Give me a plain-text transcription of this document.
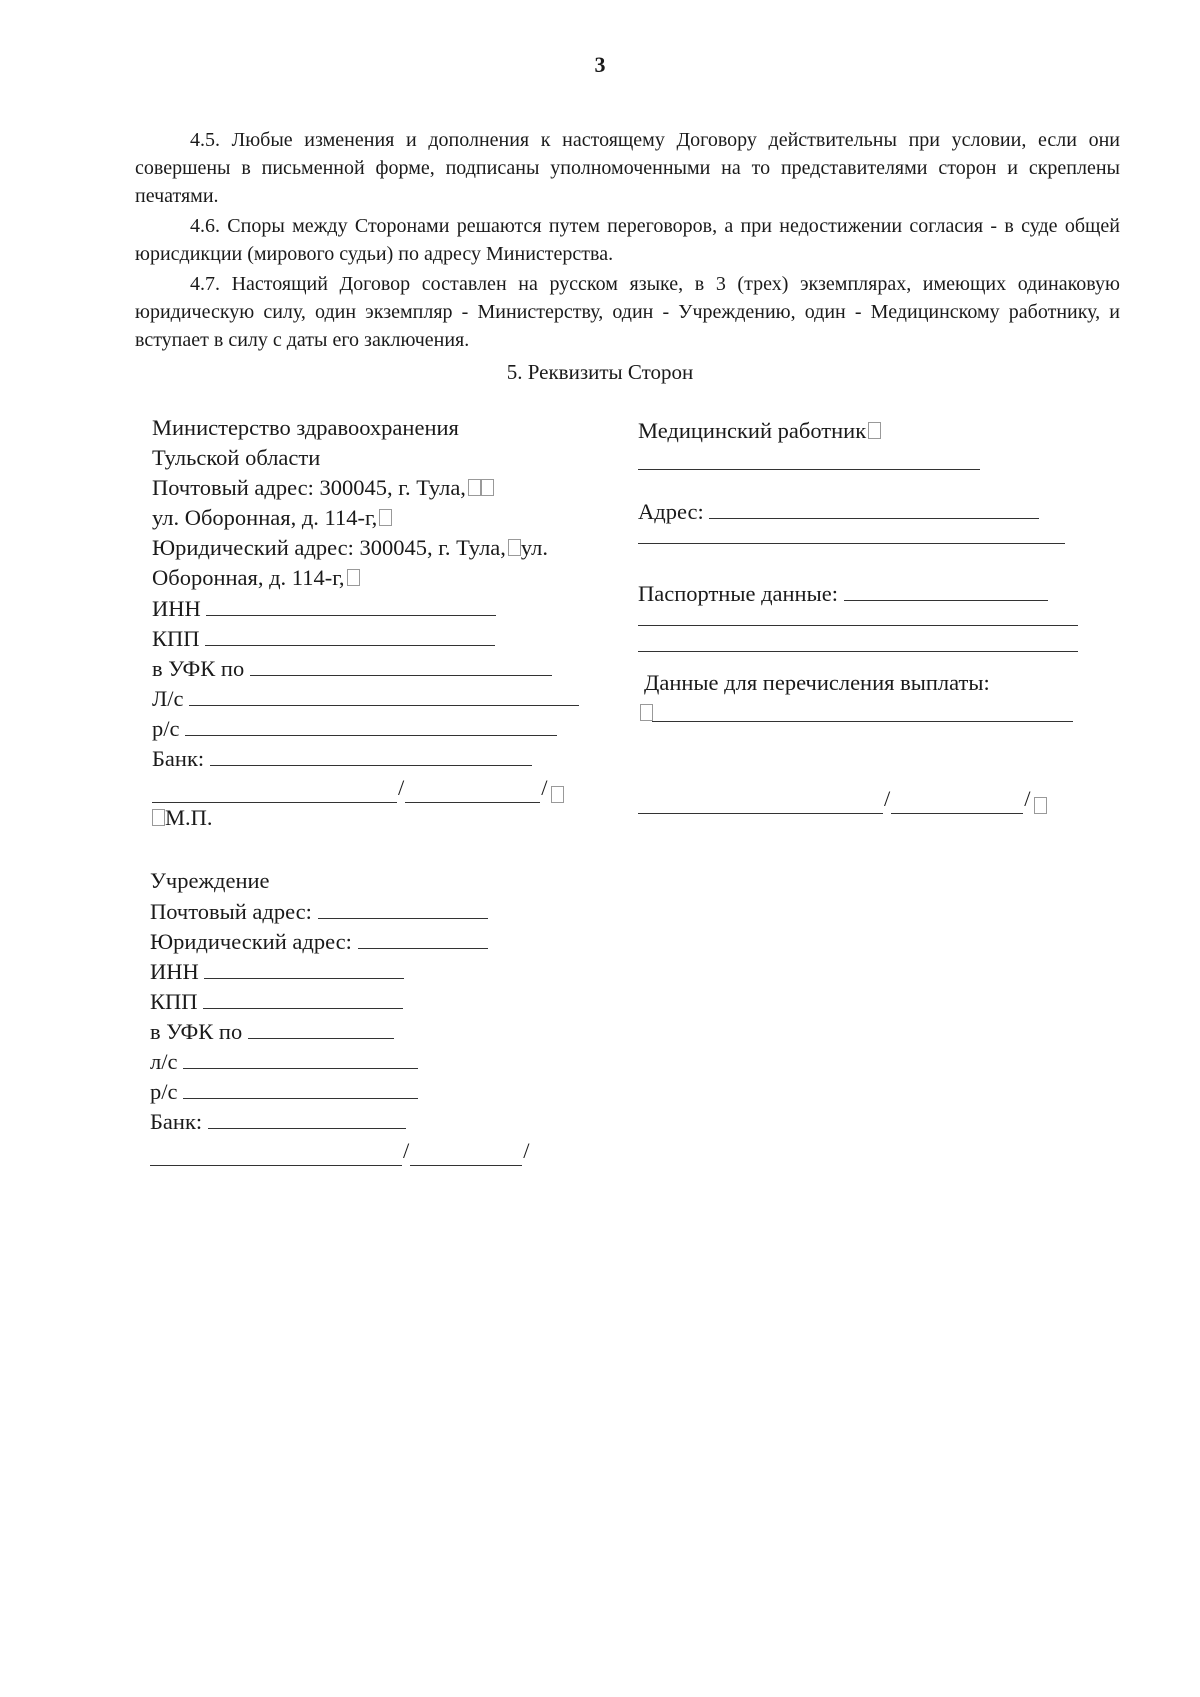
3

4.5. Любые изменения и дополнения к настоящему Договору действительны при условии, если они совершены в письменной форме, подписаны уполномоченными на то представителями сторон и скреплены печатями.

4.6. Споры между Сторонами решаются путем переговоров, а при недостижении согласия - в суде общей юрисдикции (мирового судьи) по адресу Министерства.

4.7. Настоящий Договор составлен на русском языке, в 3 (трех) экземплярах, имеющих одинаковую юридическую силу, один экземпляр - Министерству, один - Учреждению, один - Медицинскому работнику, и вступает в силу с даты его заключения.

5. Реквизиты Сторон
Министерство здравоохранения
Тульской области
Почтовый адрес: 300045, г. Тула,
ул. Оборонная, д. 114-г,
Юридический адрес: 300045, г. Тула, ул.
Оборонная, д. 114-г,
ИНН
КПП
в УФК по
Л/с
р/с
Банк:
/	/
М.П.
Медицинский работник
Адрес:
Паспортные данные:
Данные для перечисления выплаты:
/	/
Учреждение
Почтовый адрес:
Юридический адрес:
ИНН
КПП
в УФК по
л/с
р/с
Банк:
/	/
